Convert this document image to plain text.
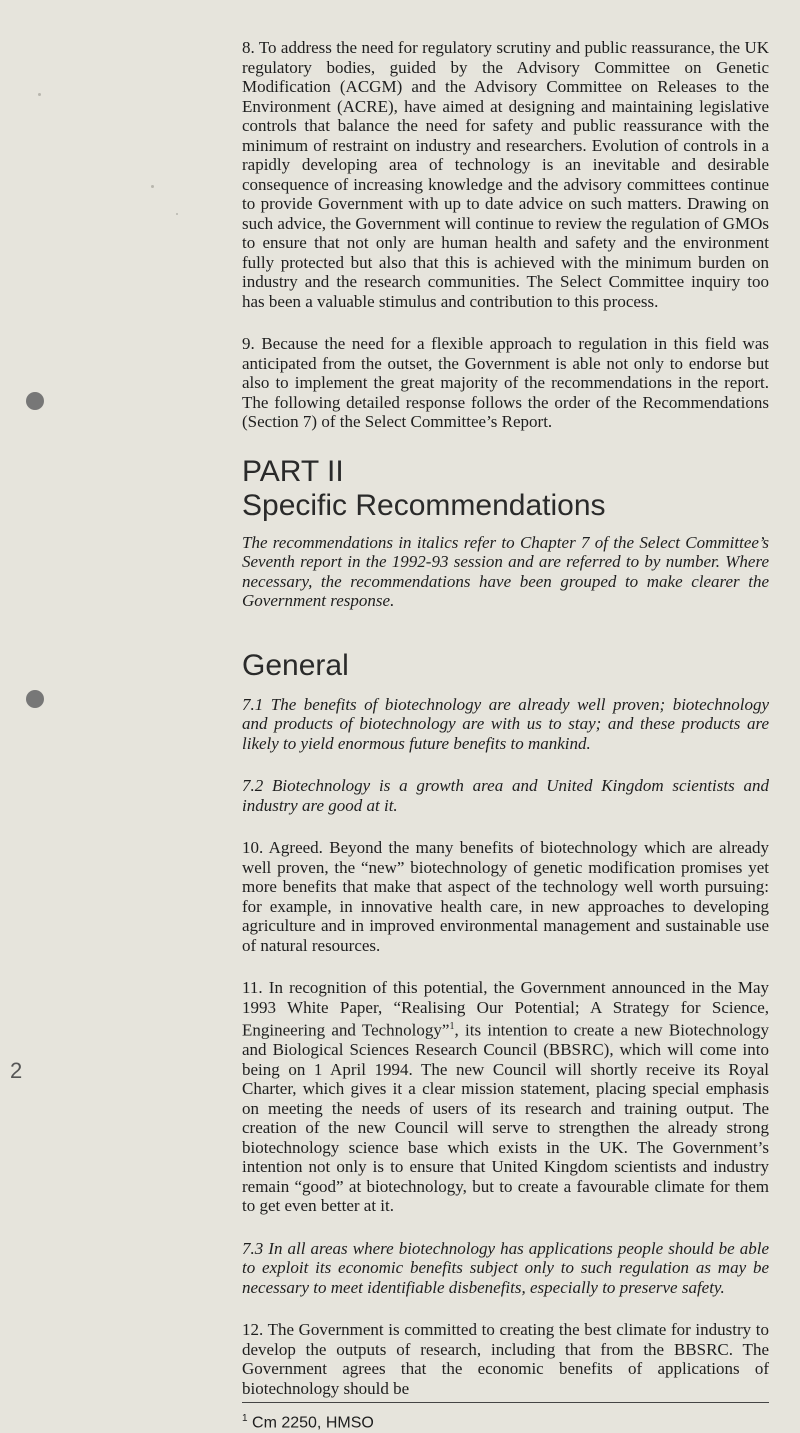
8. To address the need for regulatory scrutiny and public reassurance, the UK regulatory bodies, guided by the Advisory Committee on Genetic Modification (ACGM) and the Advisory Committee on Releases to the Environment (ACRE), have aimed at designing and maintaining legislative controls that balance the need for safety and public reassurance with the minimum of restraint on industry and researchers. Evolution of controls in a rapidly developing area of technology is an inevitable and desirable consequence of increasing knowledge and the advisory committees continue to provide Government with up to date advice on such matters. Drawing on such advice, the Government will continue to review the regulation of GMOs to ensure that not only are human health and safety and the environment fully protected but also that this is achieved with the minimum burden on industry and the research communities. The Select Committee inquiry too has been a valuable stimulus and contribution to this process.

9. Because the need for a flexible approach to regulation in this field was anticipated from the outset, the Government is able not only to endorse but also to implement the great majority of the recommendations in the report. The following detailed response follows the order of the Recommendations (Section 7) of the Select Committee’s Report.

PART II
Specific Recommendations

The recommendations in italics refer to Chapter 7 of the Select Committee’s Seventh report in the 1992-93 session and are referred to by number. Where necessary, the recommendations have been grouped to make clearer the Government response.

General

7.1 The benefits of biotechnology are already well proven; biotechnology and products of biotechnology are with us to stay; and these products are likely to yield enormous future benefits to mankind.

7.2 Biotechnology is a growth area and United Kingdom scientists and industry are good at it.

10. Agreed. Beyond the many benefits of biotechnology which are already well proven, the “new” biotechnology of genetic modification promises yet more benefits that make that aspect of the technology well worth pursuing: for example, in innovative health care, in new approaches to developing agriculture and in improved environmental management and sustainable use of natural resources.

11. In recognition of this potential, the Government announced in the May 1993 White Paper, “Realising Our Potential; A Strategy for Science, Engineering and Technology”$^1$, its intention to create a new Biotechnology and Biological Sciences Research Council (BBSRC), which will come into being on 1 April 1994. The new Council will shortly receive its Royal Charter, which gives it a clear mission statement, placing special emphasis on meeting the needs of users of its research and training output. The creation of the new Council will serve to strengthen the already strong biotechnology science base which exists in the UK. The Government’s intention not only is to ensure that United Kingdom scientists and industry remain “good” at biotechnology, but to create a favourable climate for them to get even better at it.

7.3 In all areas where biotechnology has applications people should be able to exploit its economic benefits subject only to such regulation as may be necessary to meet identifiable disbenefits, especially to preserve safety.

12. The Government is committed to creating the best climate for industry to develop the outputs of research, including that from the BBSRC. The Government agrees that the economic benefits of applications of biotechnology should be

$^1$ Cm 2250, HMSO
2
